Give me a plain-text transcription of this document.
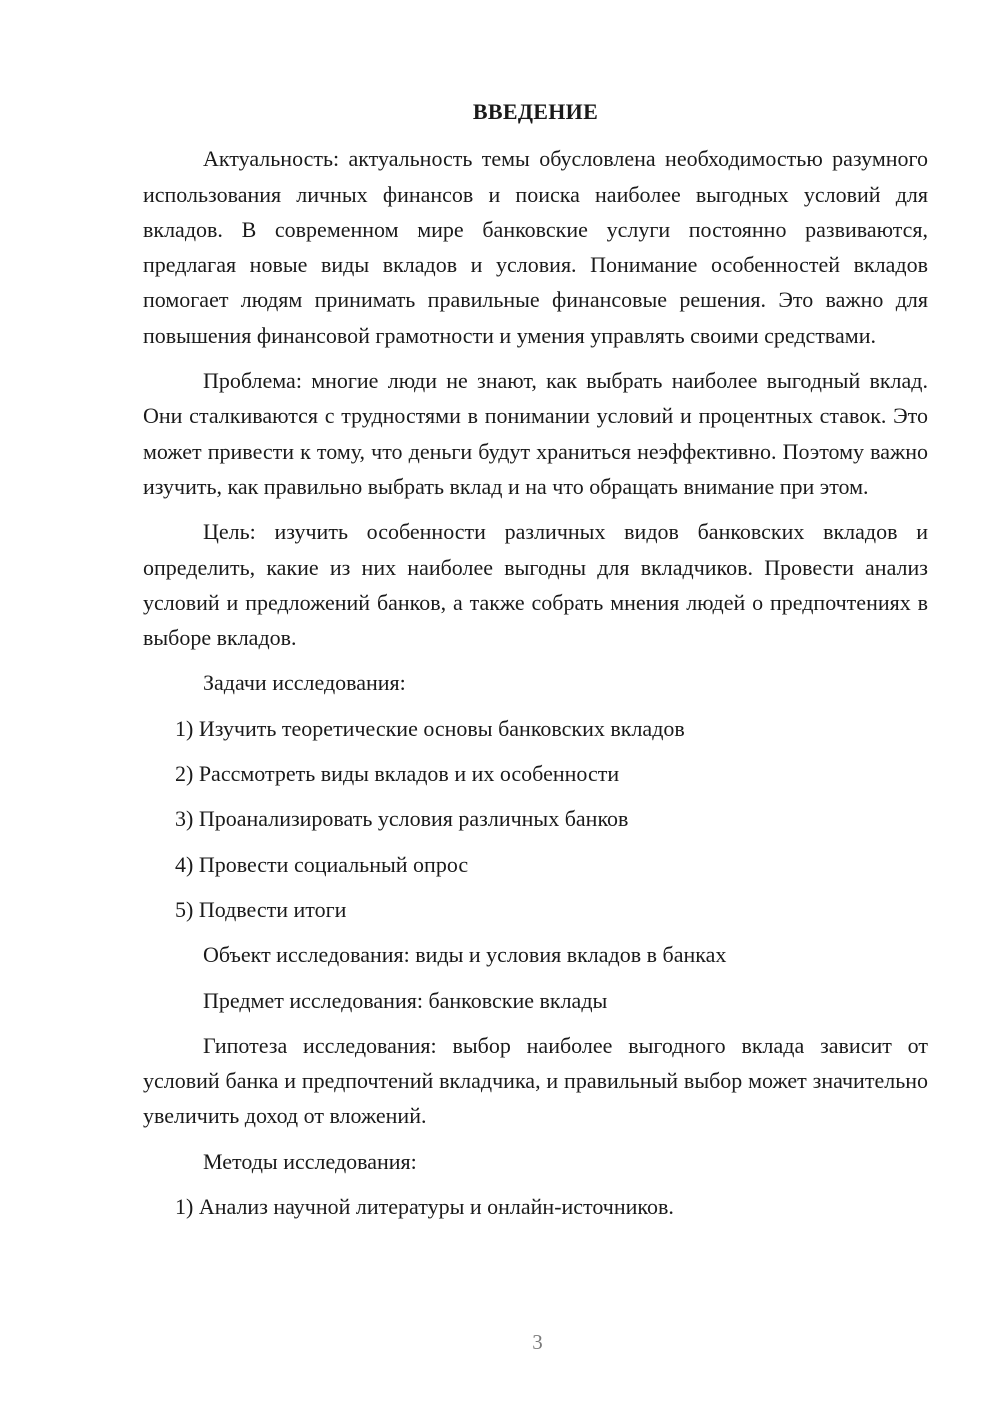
ВВЕДЕНИЕ
Актуальность: актуальность темы обусловлена необходимостью разумного использования личных финансов и поиска наиболее выгодных условий для вкладов. В современном мире банковские услуги постоянно развиваются, предлагая новые виды вкладов и условия. Понимание особенностей вкладов помогает людям принимать правильные финансовые решения. Это важно для повышения финансовой грамотности и умения управлять своими средствами.
Проблема: многие люди не знают, как выбрать наиболее выгодный вклад. Они сталкиваются с трудностями в понимании условий и процентных ставок. Это может привести к тому, что деньги будут храниться неэффективно. Поэтому важно изучить, как правильно выбрать вклад и на что обращать внимание при этом.
Цель: изучить особенности различных видов банковских вкладов и определить, какие из них наиболее выгодны для вкладчиков. Провести анализ условий и предложений банков, а также собрать мнения людей о предпочтениях в выборе вкладов.
Задачи исследования:
1) Изучить теоретические основы банковских вкладов
2) Рассмотреть виды вкладов и их особенности
3) Проанализировать условия различных банков
4) Провести социальный опрос
5) Подвести итоги
Объект исследования: виды и условия вкладов в банках
Предмет исследования: банковские вклады
Гипотеза исследования: выбор наиболее выгодного вклада зависит от условий банка и предпочтений вкладчика, и правильный выбор может значительно увеличить доход от вложений.
Методы исследования:
1) Анализ научной литературы и онлайн-источников.
3
